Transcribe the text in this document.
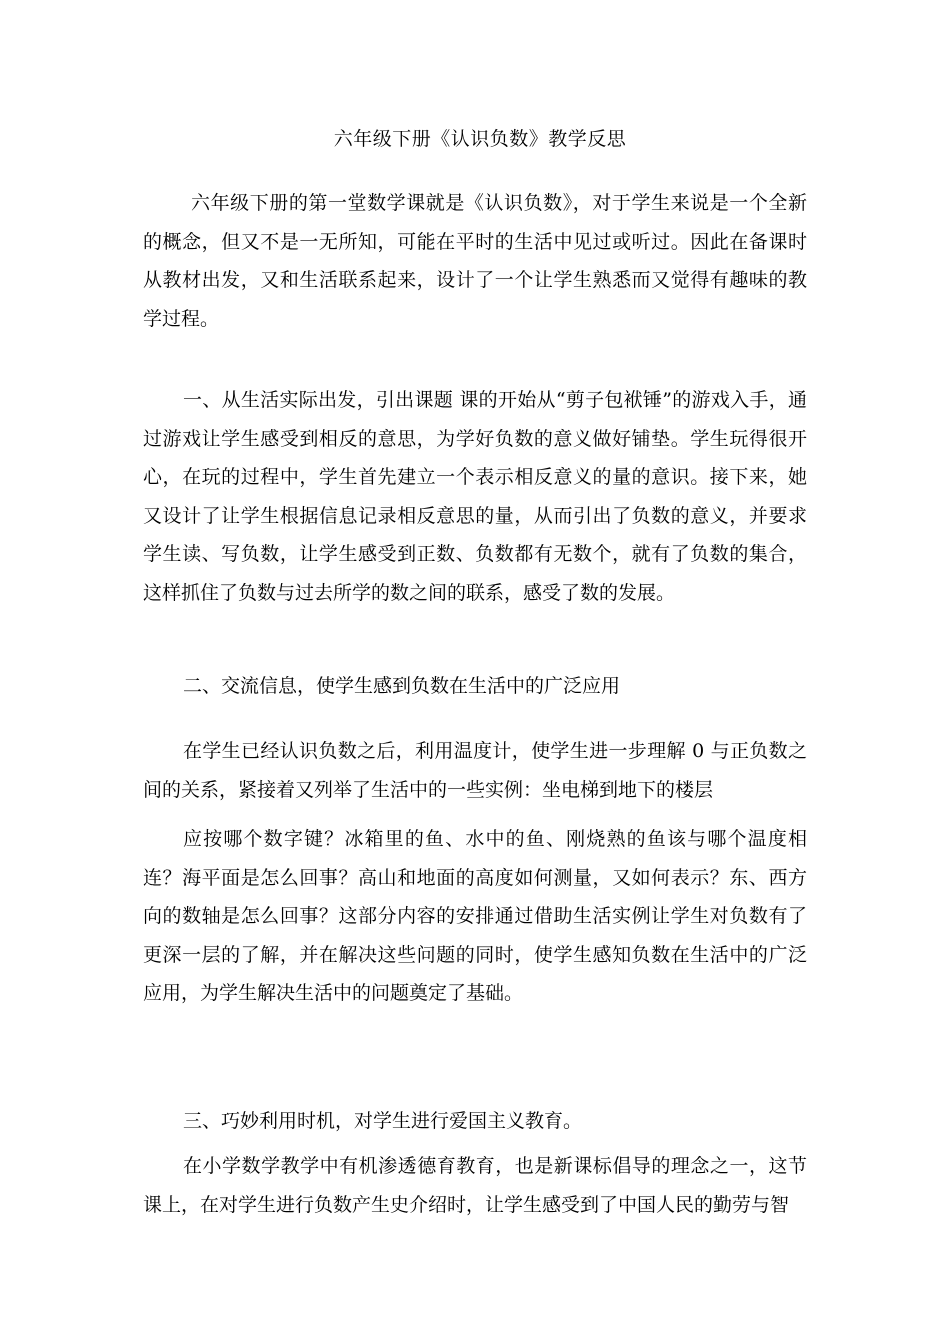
六年级下册《认识负数》教学反思

六年级下册的第一堂数学课就是《认识负数》，对于学生来说是一个全新的概念，但又不是一无所知，可能在平时的生活中见过或听过。因此在备课时从教材出发，又和生活联系起来，设计了一个让学生熟悉而又觉得有趣味的教学过程。

一、从生活实际出发，引出课题 课的开始从“剪子包袱锤”的游戏入手，通过游戏让学生感受到相反的意思，为学好负数的意义做好铺垫。学生玩得很开心，在玩的过程中，学生首先建立一个表示相反意义的量的意识。接下来，她又设计了让学生根据信息记录相反意思的量，从而引出了负数的意义，并要求学生读、写负数，让学生感受到正数、负数都有无数个，就有了负数的集合，这样抓住了负数与过去所学的数之间的联系，感受了数的发展。

二、交流信息，使学生感到负数在生活中的广泛应用

在学生已经认识负数之后，利用温度计，使学生进一步理解 0 与正负数之间的关系，紧接着又列举了生活中的一些实例：坐电梯到地下的楼层

应按哪个数字键？冰箱里的鱼、水中的鱼、刚烧熟的鱼该与哪个温度相连？海平面是怎么回事？高山和地面的高度如何测量，又如何表示？东、西方向的数轴是怎么回事？这部分内容的安排通过借助生活实例让学生对负数有了更深一层的了解，并在解决这些问题的同时，使学生感知负数在生活中的广泛应用，为学生解决生活中的问题奠定了基础。

三、巧妙利用时机，对学生进行爱国主义教育。

在小学数学教学中有机渗透德育教育，也是新课标倡导的理念之一，这节课上，在对学生进行负数产生史介绍时，让学生感受到了中国人民的勤劳与智
